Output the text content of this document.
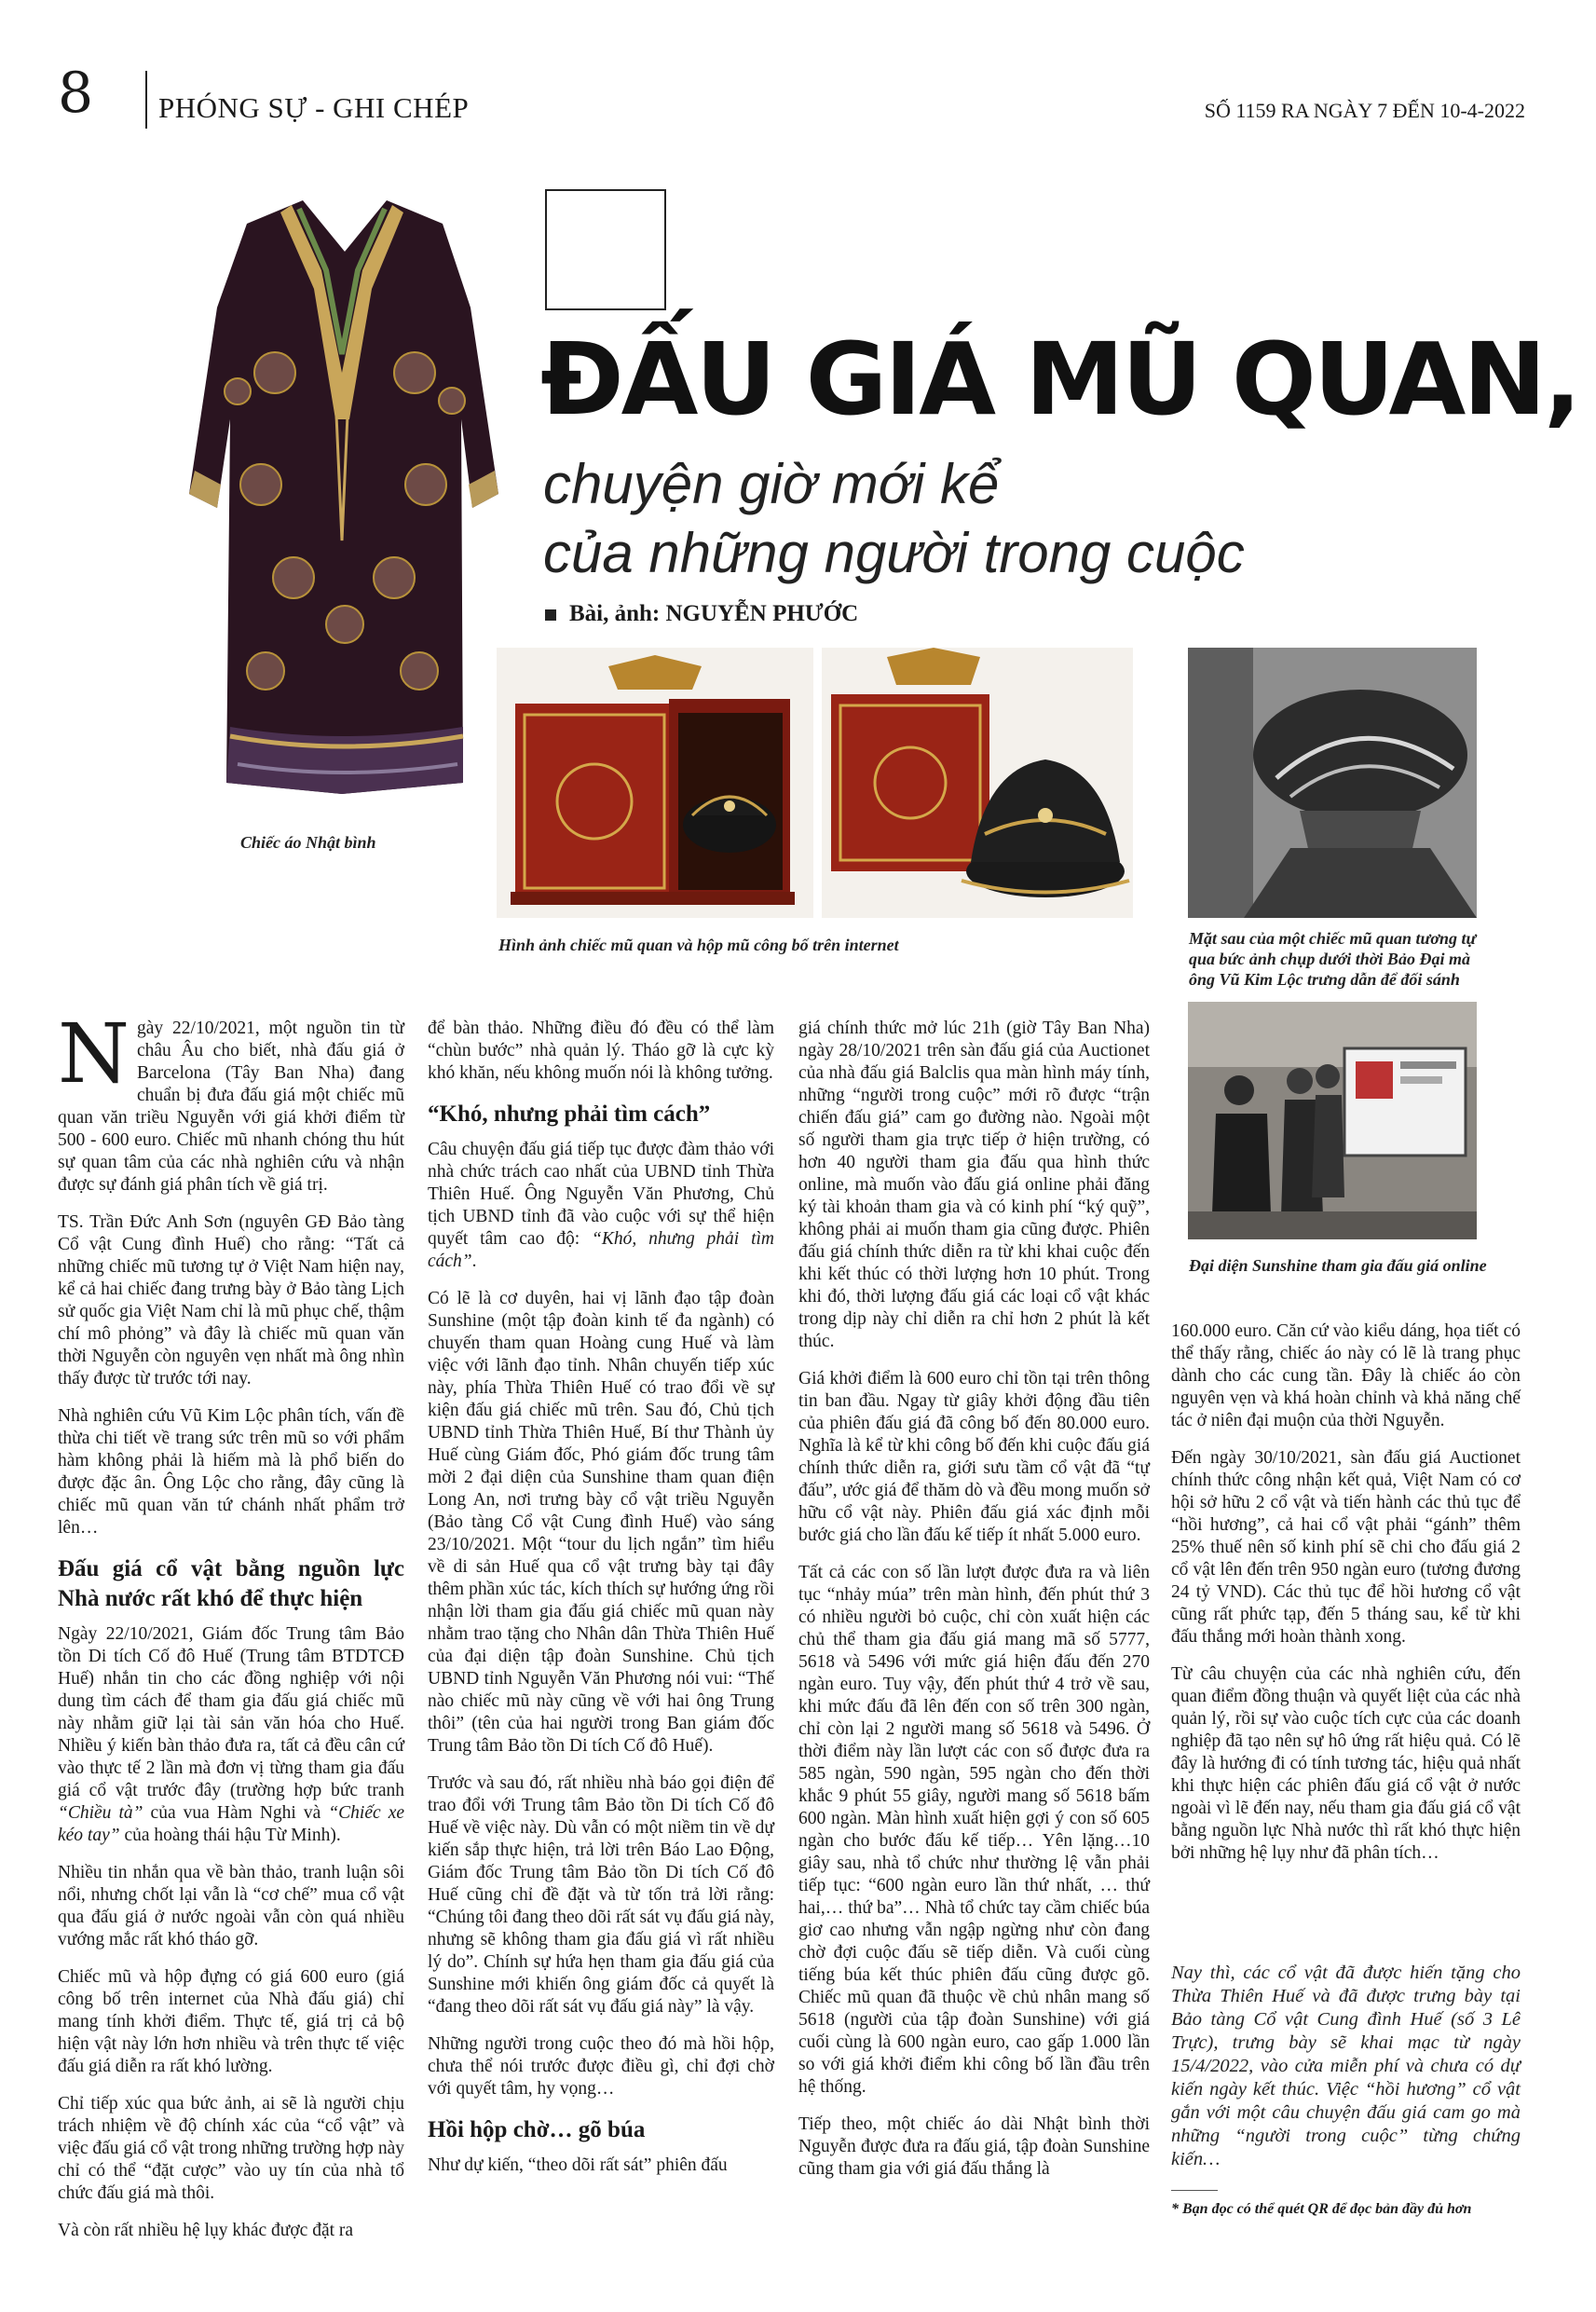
8 PHÓNG SỰ - GHI CHÉP	SỐ 1159 RA NGÀY 7 ĐẾN 10-4-2022
Chiếc áo Nhật bình
ĐẤU GIÁ MŨ QUAN,
chuyện giờ mới kể
của những người trong cuộc
Bài, ảnh: NGUYỄN PHƯỚC
Hình ảnh chiếc mũ quan và hộp mũ công bố trên internet	Mặt sau của một chiếc mũ quan tương tự qua bức ảnh chụp dưới thời Bảo Đại mà ông Vũ Kim Lộc trưng dẫn để đối sánh
Đại diện Sunshine tham gia đấu giá online

Ngày 22/10/2021, một nguồn tin từ châu Âu cho biết, nhà đấu giá ở Barcelona (Tây Ban Nha) đang chuẩn bị đưa đấu giá một chiếc mũ quan văn triều Nguyễn với giá khởi điểm từ 500 - 600 euro. Chiếc mũ nhanh chóng thu hút sự quan tâm của các nhà nghiên cứu và nhận được sự đánh giá phân tích về giá trị.

TS. Trần Đức Anh Sơn (nguyên GĐ Bảo tàng Cổ vật Cung đình Huế) cho rằng: “Tất cả những chiếc mũ tương tự ở Việt Nam hiện nay, kể cả hai chiếc đang trưng bày ở Bảo tàng Lịch sử quốc gia Việt Nam chỉ là mũ phục chế, thậm chí mô phỏng” và đây là chiếc mũ quan văn thời Nguyễn còn nguyên vẹn nhất mà ông nhìn thấy được từ trước tới nay.

Nhà nghiên cứu Vũ Kim Lộc phân tích, vấn đề thừa chi tiết về trang sức trên mũ so với phẩm hàm không phải là hiếm mà là phổ biến do được đặc ân. Ông Lộc cho rằng, đây cũng là chiếc mũ quan văn tứ chánh nhất phẩm trở lên…

Đấu giá cổ vật bằng nguồn lực Nhà nước rất khó để thực hiện

Ngày 22/10/2021, Giám đốc Trung tâm Bảo tồn Di tích Cố đô Huế (Trung tâm BTDTCĐ Huế) nhắn tin cho các đồng nghiệp với nội dung tìm cách để tham gia đấu giá chiếc mũ này nhằm giữ lại tài sản văn hóa cho Huế. Nhiều ý kiến bàn thảo đưa ra, tất cả đều cân cứ vào thực tế 2 lần mà đơn vị từng tham gia đấu giá cổ vật trước đây (trường hợp bức tranh “Chiều tà” của vua Hàm Nghi và “Chiếc xe kéo tay” của hoàng thái hậu Từ Minh).

Nhiều tin nhắn qua về bàn thảo, tranh luận sôi nổi, nhưng chốt lại vẫn là “cơ chế” mua cổ vật qua đấu giá ở nước ngoài vẫn còn quá nhiều vướng mắc rất khó tháo gỡ.

Chiếc mũ và hộp đựng có giá 600 euro (giá công bố trên internet của Nhà đấu giá) chỉ mang tính khởi điểm. Thực tế, giá trị cả bộ hiện vật này lớn hơn nhiều và trên thực tế việc đấu giá diễn ra rất khó lường.

Chỉ tiếp xúc qua bức ảnh, ai sẽ là người chịu trách nhiệm về độ chính xác của “cổ vật” và việc đấu giá cổ vật trong những trường hợp này chỉ có thể “đặt cược” vào uy tín của nhà tổ chức đấu giá mà thôi.

Và còn rất nhiều hệ lụy khác được đặt ra

để bàn thảo. Những điều đó đều có thể làm “chùn bước” nhà quản lý. Tháo gỡ là cực kỳ khó khăn, nếu không muốn nói là không tưởng.

“Khó, nhưng phải tìm cách”

Câu chuyện đấu giá tiếp tục được đàm thảo với nhà chức trách cao nhất của UBND tỉnh Thừa Thiên Huế. Ông Nguyễn Văn Phương, Chủ tịch UBND tỉnh đã vào cuộc với sự thể hiện quyết tâm cao độ: “Khó, nhưng phải tìm cách”.

Có lẽ là cơ duyên, hai vị lãnh đạo tập đoàn Sunshine (một tập đoàn kinh tế đa ngành) có chuyến tham quan Hoàng cung Huế và làm việc với lãnh đạo tỉnh. Nhân chuyến tiếp xúc này, phía Thừa Thiên Huế có trao đổi về sự kiện đấu giá chiếc mũ trên. Sau đó, Chủ tịch UBND tỉnh Thừa Thiên Huế, Bí thư Thành ủy Huế cùng Giám đốc, Phó giám đốc trung tâm mời 2 đại diện của Sunshine tham quan điện Long An, nơi trưng bày cổ vật triều Nguyễn (Bảo tàng Cổ vật Cung đình Huế) vào sáng 23/10/2021. Một “tour du lịch ngắn” tìm hiểu về di sản Huế qua cổ vật trưng bày tại đây thêm phần xúc tác, kích thích sự hướng ứng rồi nhận lời tham gia đấu giá chiếc mũ quan này nhằm trao tặng cho Nhân dân Thừa Thiên Huế của đại diện tập đoàn Sunshine. Chủ tịch UBND tỉnh Nguyễn Văn Phương nói vui: “Thế nào chiếc mũ này cũng về với hai ông Trung thôi” (tên của hai người trong Ban giám đốc Trung tâm Bảo tồn Di tích Cố đô Huế).

Trước và sau đó, rất nhiều nhà báo gọi điện để trao đổi với Trung tâm Bảo tồn Di tích Cố đô Huế về việc này. Dù vẫn có một niềm tin về dự kiến sắp thực hiện, trả lời trên Báo Lao Động, Giám đốc Trung tâm Bảo tồn Di tích Cố đô Huế cũng chỉ đề đặt và từ tốn trả lời rằng: “Chúng tôi đang theo dõi rất sát vụ đấu giá này, nhưng sẽ không tham gia đấu giá vì rất nhiều lý do”. Chính sự hứa hẹn tham gia đấu giá của Sunshine mới khiến ông giám đốc cả quyết là “đang theo dõi rất sát vụ đấu giá này” là vậy.

Những người trong cuộc theo đó mà hồi hộp, chưa thể nói trước được điều gì, chỉ đợi chờ với quyết tâm, hy vọng…

Hồi hộp chờ… gõ búa

Như dự kiến, “theo dõi rất sát” phiên đấu

giá chính thức mở lúc 21h (giờ Tây Ban Nha) ngày 28/10/2021 trên sàn đấu giá của Auctionet của nhà đấu giá Balclis qua màn hình máy tính, những “người trong cuộc” mới rõ được “trận chiến đấu giá” cam go đường nào. Ngoài một số người tham gia trực tiếp ở hiện trường, có hơn 40 người tham gia đấu qua hình thức online, mà muốn vào đấu giá online phải đăng ký tài khoản tham gia và có kinh phí “ký quỹ”, không phải ai muốn tham gia cũng được. Phiên đấu giá chính thức diễn ra từ khi khai cuộc đến khi kết thúc có thời lượng hơn 10 phút. Trong khi đó, thời lượng đấu giá các loại cổ vật khác trong dịp này chỉ diễn ra chỉ hơn 2 phút là kết thúc.

Giá khởi điểm là 600 euro chỉ tồn tại trên thông tin ban đầu. Ngay từ giây khởi động đầu tiên của phiên đấu giá đã công bố đến 80.000 euro. Nghĩa là kể từ khi công bố đến khi cuộc đấu giá chính thức diễn ra, giới sưu tầm cổ vật đã “tự đấu”, ước giá để thăm dò và đều mong muốn sở hữu cổ vật này. Phiên đấu giá xác định mỗi bước giá cho lần đấu kế tiếp ít nhất 5.000 euro.

Tất cả các con số lần lượt được đưa ra và liên tục “nhảy múa” trên màn hình, đến phút thứ 3 có nhiều người bỏ cuộc, chỉ còn xuất hiện các chủ thể tham gia đấu giá mang mã số 5777, 5618 và 5496 với mức giá hiện đấu đến 270 ngàn euro. Tuy vậy, đến phút thứ 4 trở về sau, khi mức đấu đã lên đến con số trên 300 ngàn, chỉ còn lại 2 người mang số 5618 và 5496. Ở thời điểm này lần lượt các con số được đưa ra 585 ngàn, 590 ngàn, 595 ngàn cho đến thời khắc 9 phút 55 giây, người mang số 5618 bấm 600 ngàn. Màn hình xuất hiện gợi ý con số 605 ngàn cho bước đấu kế tiếp… Yên lặng…10 giây sau, nhà tổ chức như thường lệ vẫn phải tiếp tục: “600 ngàn euro lần thứ nhất, … thứ hai,… thứ ba”… Nhà tổ chức tay cầm chiếc búa giơ cao nhưng vẫn ngập ngừng như còn đang chờ đợi cuộc đấu sẽ tiếp diễn. Và cuối cùng tiếng búa kết thúc phiên đấu cũng được gõ. Chiếc mũ quan đã thuộc về chủ nhân mang số 5618 (người của tập đoàn Sunshine) với giá cuối cùng là 600 ngàn euro, cao gấp 1.000 lần so với giá khởi điểm khi công bố lần đầu trên hệ thống.

Tiếp theo, một chiếc áo dài Nhật bình thời Nguyễn được đưa ra đấu giá, tập đoàn Sunshine cũng tham gia với giá đấu thắng là

160.000 euro. Căn cứ vào kiểu dáng, họa tiết có thể thấy rằng, chiếc áo này có lẽ là trang phục dành cho các cung tần. Đây là chiếc áo còn nguyên vẹn và khá hoàn chỉnh và khả năng chế tác ở niên đại muộn của thời Nguyễn.

Đến ngày 30/10/2021, sàn đấu giá Auctionet chính thức công nhận kết quả, Việt Nam có cơ hội sở hữu 2 cổ vật và tiến hành các thủ tục để “hồi hương”, cả hai cổ vật phải “gánh” thêm 25% thuế nên số kinh phí sẽ chi cho đấu giá 2 cổ vật lên đến trên 950 ngàn euro (tương đương 24 tỷ VND). Các thủ tục để hồi hương cổ vật cũng rất phức tạp, đến 5 tháng sau, kể từ khi đấu thắng mới hoàn thành xong.

Từ câu chuyện của các nhà nghiên cứu, đến quan điểm đồng thuận và quyết liệt của các nhà quản lý, rồi sự vào cuộc tích cực của các doanh nghiệp đã tạo nên sự hô ứng rất hiệu quả. Có lẽ đây là hướng đi có tính tương tác, hiệu quả nhất khi thực hiện các phiên đấu giá cổ vật ở nước ngoài vì lẽ đến nay, nếu tham gia đấu giá cổ vật bằng nguồn lực Nhà nước thì rất khó thực hiện bởi những hệ lụy như đã phân tích…

Nay thì, các cổ vật đã được hiến tặng cho Thừa Thiên Huế và đã được trưng bày tại Bảo tàng Cổ vật Cung đình Huế (số 3 Lê Trực), trưng bày sẽ khai mạc từ ngày 15/4/2022, vào cửa miễn phí và chưa có dự kiến ngày kết thúc. Việc “hồi hương” cổ vật gắn với một câu chuyện đấu giá cam go mà những “người trong cuộc” từng chứng kiến…
* Bạn đọc có thể quét QR để đọc bản đầy đủ hơn
